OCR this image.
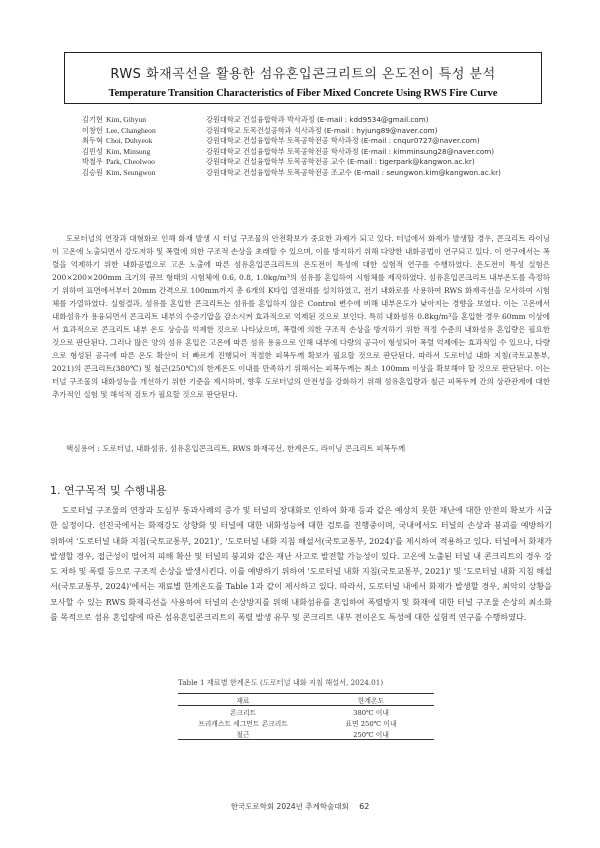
RWS 화재곡선을 활용한 섬유혼입콘크리트의 온도전이 특성 분석
Temperature Transition Characteristics of Fiber Mixed Concrete Using RWS Fire Curve
김기현 Kim, Gihyun	강원대학교 건설융합학과 박사과정 (E-mail : kdd9534@gmail.com)
이창헌 Lee, Changheon	강원대학교 토목건설공학과 석사과정 (E-mail : hyjung89@naver.com)
최두혁 Choi, Duhyeok	강원대학교 건설융합학부 토목공학전공 학사과정 (E-mail : cnqur0727@naver.com)
김민성 Kim, Minsung	강원대학교 건설융합학부 토목공학전공 학사과정 (E-mail : kimminsung28@naver.com)
박철우 Park, Cheolwoo	강원대학교 건설융합학부 토목공학전공 교수 (E-mail : tigerpark@kangwon.ac.kr)
김승원 Kim, Seungwon	강원대학교 건설융합학부 토목공학전공 조교수 (E-mail : seungwon.kim@kangwon.ac.kr)
도로터널의 연장과 대형화로 인해 화재 발생 시 터널 구조물의 안전확보가 중요한 과제가 되고 있다. 터널에서 화재가 발생할 경우, 콘크리트 라이닝이 고온에 노출되면서 강도저하 및 폭렬에 의한 구조적 손상을 초래할 수 있으며, 이를 방지하기 위해 다양한 내화공법이 연구되고 있다. 이 연구에서는 폭렬을 억제하기 위한 내화공법으로 고온 노출에 따른 섬유혼입콘크리트의 온도전이 특성에 대한 실험적 연구를 수행하였다. 온도전이 특성 실험은 200×200×200mm 크기의 큐브 형태의 시험체에 0.6, 0.8, 1.0kg/m³의 섬유를 혼입하여 시험체를 제작하였다. 섬유혼입콘크리트 내부온도를 측정하기 위하여 표면에서부터 20mm 간격으로 100mm까지 총 6개의 K타입 열전대를 설치하였고, 전기 내화로를 사용하여 RWS 화재곡선을 모사하여 시험체를 가열하였다. 실험결과, 섬유를 혼입한 콘크리트는 섬유를 혼입하지 않은 Control 변수에 비해 내부온도가 낮아지는 경향을 보였다. 이는 고온에서 내화섬유가 용융되면서 콘크리트 내부의 수증기압을 감소시켜 효과적으로 억제된 것으로 보인다. 특히 내화섬유 0.8kg/m³을 혼입한 경우 60mm 이상에서 효과적으로 콘크리트 내부 온도 상승을 억제한 것으로 나타났으며, 폭렬에 의한 구조적 손상을 방지하기 위한 적정 수준의 내화섬유 혼입량은 필요한 것으로 판단된다. 그러나 많은 양의 섬유 혼입은 고온에 따른 섬유 용융으로 인해 내부에 다량의 공극이 형성되어 폭렬 억제에는 효과적일 수 있으나, 다량으로 형성된 공극에 따른 온도 확산이 더 빠르게 진행되어 적절한 피복두께 확보가 필요할 것으로 판단된다. 따라서 도로터널 내화 지침(국토교통부, 2021)의 콘크리트(380℃) 및 철근(250℃)의 한계온도 이내를 만족하기 위해서는 피복두께는 최소 100mm 이상을 확보해야 할 것으로 판단된다. 이는 터널 구조물의 내화성능을 개선하기 위한 기준을 제시하며, 향후 도로터널의 안전성을 강화하기 위해 섬유혼입량과 철근 피복두께 간의 상관관계에 대한 추가적인 실험 및 해석적 검토가 필요할 것으로 판단된다.
핵심용어 : 도로터널, 내화섬유, 섬유혼입콘크리트, RWS 화재곡선, 한계온도, 라이닝 콘크리트 피복두께
1. 연구목적 및 수행내용
도로터널 구조물의 연장과 도심부 통과사례의 증가 및 터널의 장대화로 인하여 화재 등과 같은 예상치 못한 재난에 대한 안전의 확보가 시급한 실정이다. 선진국에서는 화재강도 상향화 및 터널에 대한 내화성능에 대한 검토를 진행중이며, 국내에서도 터널의 손상과 붕괴를 예방하기 위하여 '도로터널 내화 지침(국토교통부, 2021)', '도로터널 내화 지침 해설서(국토교통부, 2024)'를 제시하여 적용하고 있다. 터널에서 화재가 발생할 경우, 접근성이 떨어져 피해 확산 및 터널의 붕괴와 같은 재난 사고로 발전할 가능성이 있다. 고온에 노출된 터널 내 콘크리트의 경우 강도 저하 및 폭렬 등으로 구조적 손상을 발생시킨다. 이를 예방하기 위하여 '도로터널 내화 지침(국토교통부, 2021)' 및 '도로터널 내화 지침 해설서(국토교통부, 2024)'에서는 재료별 한계온도를 Table 1과 같이 제시하고 있다. 따라서, 도로터널 내에서 화재가 발생할 경우, 최악의 상황을 모사할 수 있는 RWS 화재곡선을 사용하여 터널의 손상방지를 위해 내화섬유를 혼입하여 폭렬방지 및 화재에 대한 터널 구조물 손상의 최소화를 목적으로 섬유 혼입량에 따른 섬유혼입콘크리트의 폭렬 발생 유무 및 콘크리트 내부 전이온도 특성에 대한 실험적 연구를 수행하였다.
Table 1 재료별 한계온도 (도로터널 내화 지침 해설서, 2024.01)
재료	한계온도
콘크리트	380℃ 이내
프리캐스트 세그먼트 콘크리트	표면 250℃ 이내
철근	250℃ 이내
한국도로학회 2024년 추계학술대회 62
